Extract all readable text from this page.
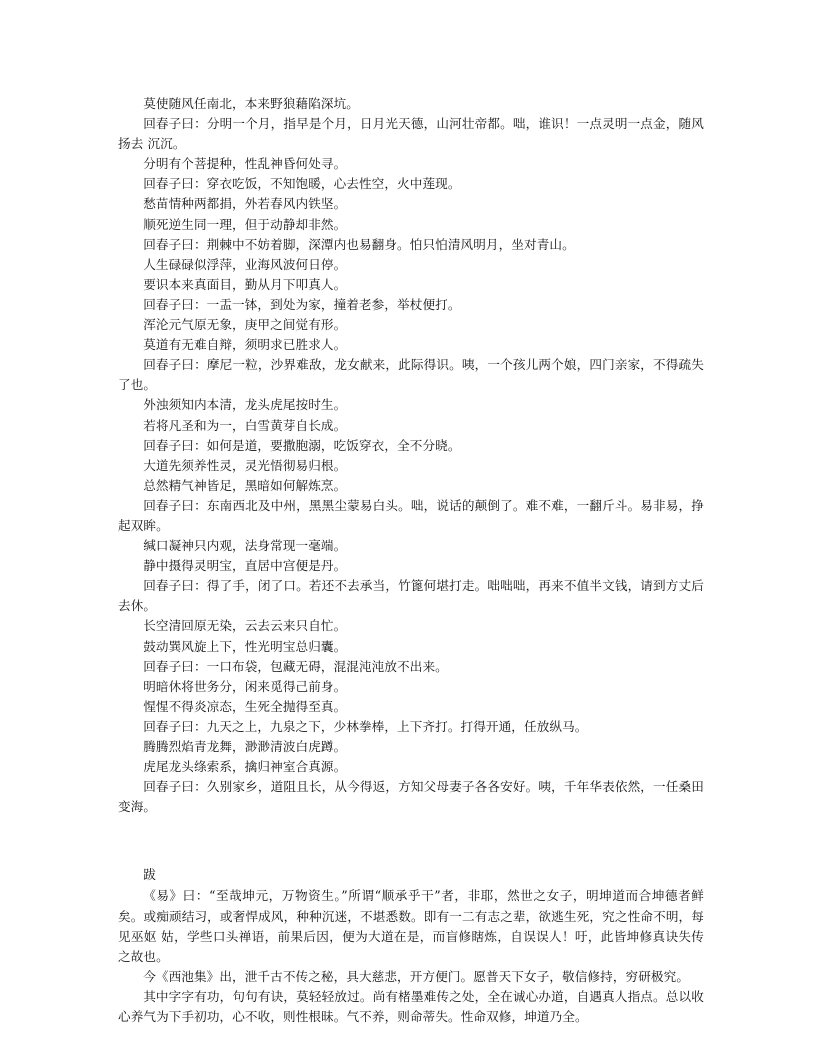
莫使随风任南北，本来野狼藉陷深坑。

回春子曰：分明一个月，指早是个月，日月光天德，山河壮帝都。咄，谁识！一点灵明一点金，随风扬去 沉沉。

分明有个菩提种，性乱神昏何处寻。

回春子曰：穿衣吃饭，不知饱暖，心去性空，火中莲现。

愁苗情种两都捐，外若春风内铁坚。

顺死逆生同一理，但于动静却非然。

回春子曰：荆棘中不妨着脚，深潭内也易翻身。怕只怕清风明月，坐对青山。

人生碌碌似浮萍，业海风波何日停。

要识本来真面目，勤从月下叩真人。

回春子曰：一盂一钵，到处为家，撞着老参，举杖便打。

浑沦元气原无象，庚甲之间觉有形。

莫道有无难自辩，须明求已胜求人。

回春子曰：摩尼一粒，沙界难敌，龙女献来，此际得识。咦，一个孩儿两个娘，四门亲家，不得疏失了也。

外浊须知内本清，龙头虎尾按时生。

若将凡圣和为一，白雪黄芽自长成。

回春子曰：如何是道，要撒胞溺，吃饭穿衣，全不分晓。

大道先须养性灵，灵光悟彻易归根。

总然精气神皆足，黑暗如何解炼烹。

回春子曰：东南西北及中州，黑黑尘蒙易白头。咄，说话的颠倒了。难不难，一翻斤斗。易非易，挣起双眸。

缄口凝神只内观，法身常现一毫端。

静中摄得灵明宝，直居中宫便是丹。

回春子曰：得了手，闭了口。若还不去承当，竹篦何堪打走。咄咄咄，再来不值半文钱，请到方丈后去休。

长空清回原无染，云去云来只自忙。

鼓动巽风旋上下，性光明宝总归囊。

回春子曰：一口布袋，包藏无碍，混混沌沌放不出来。

明暗休将世务分，闲来觅得己前身。

惺惺不得炎凉态，生死全抛得至真。

回春子曰：九天之上，九泉之下，少林拳棒，上下齐打。打得开通，任放纵马。

腾腾烈焰青龙舞，渺渺清波白虎蹲。

虎尾龙头绦索系，擒归神室合真源。

回春子曰：久别家乡，道阻且长，从今得返，方知父母妻子各各安好。咦，千年华表依然，一任桑田变海。

跋

《易》曰：“至哉坤元，万物资生。”所谓“顺承乎干”者，非耶，然世之女子，明坤道而合坤德者鲜矣。或痴顽结习，或奢悍成风，种种沉迷，不堪悉数。即有一二有志之辈，欲逃生死，究之性命不明，每见巫妪 姑，学些口头禅语，前果后因，便为大道在是，而盲修瞎炼，自误误人！吁，此皆坤修真诀失传之故也。

今《西池集》出，泄千古不传之秘，具大慈悲，开方便门。愿普天下女子，敬信修持，穷研极究。

其中字字有功，句句有诀，莫轻轻放过。尚有楮墨难传之处，全在诚心办道，自遇真人指点。总以收心养气为下手初功，心不收，则性根昧。气不养，则命蒂失。性命双修，坤道乃全。
